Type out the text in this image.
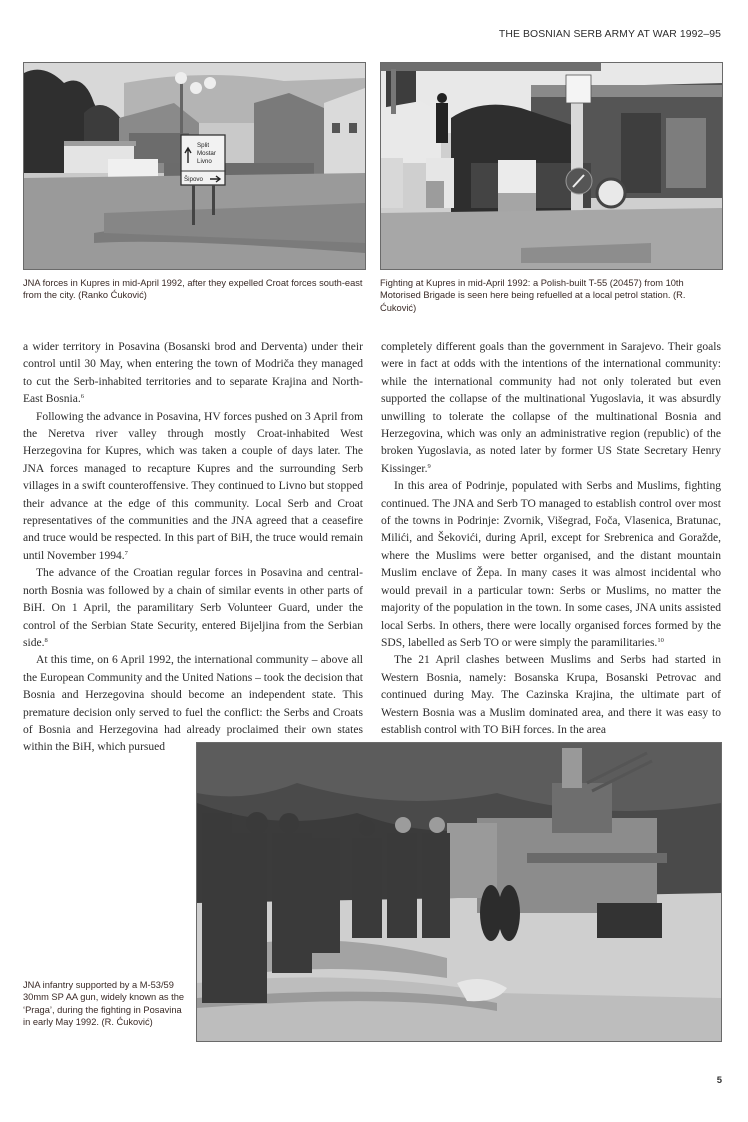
THE BOSNIAN SERB ARMY AT WAR 1992–95
Split
Mostar
Livno
Šipovo
JNA forces in Kupres in mid-April 1992, after they expelled Croat forces south-east from the city. (Ranko Ćuković)
Fighting at Kupres in mid-April 1992: a Polish-built T-55 (20457) from 10th Motorised Brigade is seen here being refuelled at a local petrol station. (R. Ćuković)

a wider territory in Posavina (Bosanski brod and Derventa) under their control until 30 May, when entering the town of Modriča they managed to cut the Serb-inhabited territories and to separate Krajina and North-East Bosnia.$^6$

Following the advance in Posavina, HV forces pushed on 3 April from the Neretva river valley through mostly Croat-inhabited West Herzegovina for Kupres, which was taken a couple of days later. The JNA forces managed to recapture Kupres and the surrounding Serb villages in a swift counteroffensive. They continued to Livno but stopped their advance at the edge of this community. Local Serb and Croat representatives of the communities and the JNA agreed that a ceasefire and truce would be respected. In this part of BiH, the truce would remain until November 1994.$^7$

The advance of the Croatian regular forces in Posavina and central-north Bosnia was followed by a chain of similar events in other parts of BiH. On 1 April, the paramilitary Serb Volunteer Guard, under the control of the Serbian State Security, entered Bijeljina from the Serbian side.$^8$

At this time, on 6 April 1992, the international community – above all the European Community and the United Nations – took the decision that Bosnia and Herzegovina should become an independent state. This premature decision only served to fuel the conflict: the Serbs and Croats of Bosnia and Herzegovina had already proclaimed their own states within the BiH, which pursued

completely different goals than the government in Sarajevo. Their goals were in fact at odds with the intentions of the international community: while the international community had not only tolerated but even supported the collapse of the multinational Yugoslavia, it was absurdly unwilling to tolerate the collapse of the multinational Bosnia and Herzegovina, which was only an administrative region (republic) of the broken Yugoslavia, as noted later by former US State Secretary Henry Kissinger.$^9$

In this area of Podrinje, populated with Serbs and Muslims, fighting continued. The JNA and Serb TO managed to establish control over most of the towns in Podrinje: Zvornik, Višegrad, Foča, Vlasenica, Bratunac, Milići, and Šekovići, during April, except for Srebrenica and Goražde, where the Muslims were better organised, and the distant mountain Muslim enclave of Žepa. In many cases it was almost incidental who would prevail in a particular town: Serbs or Muslims, no matter the majority of the population in the town. In some cases, JNA units assisted local Serbs. In others, there were locally organised forces formed by the SDS, labelled as Serb TO or were simply the paramilitaries.$^{10}$

The 21 April clashes between Muslims and Serbs had started in Western Bosnia, namely: Bosanska Krupa, Bosanski Petrovac and continued during May. The Cazinska Krajina, the ultimate part of Western Bosnia was a Muslim dominated area, and there it was easy to establish control with TO BiH forces. In the area

JNA infantry supported by a M-53/59 30mm SP AA gun, widely known as the ‘Praga’, during the fighting in Posavina in early May 1992. (R. Ćuković)
5
